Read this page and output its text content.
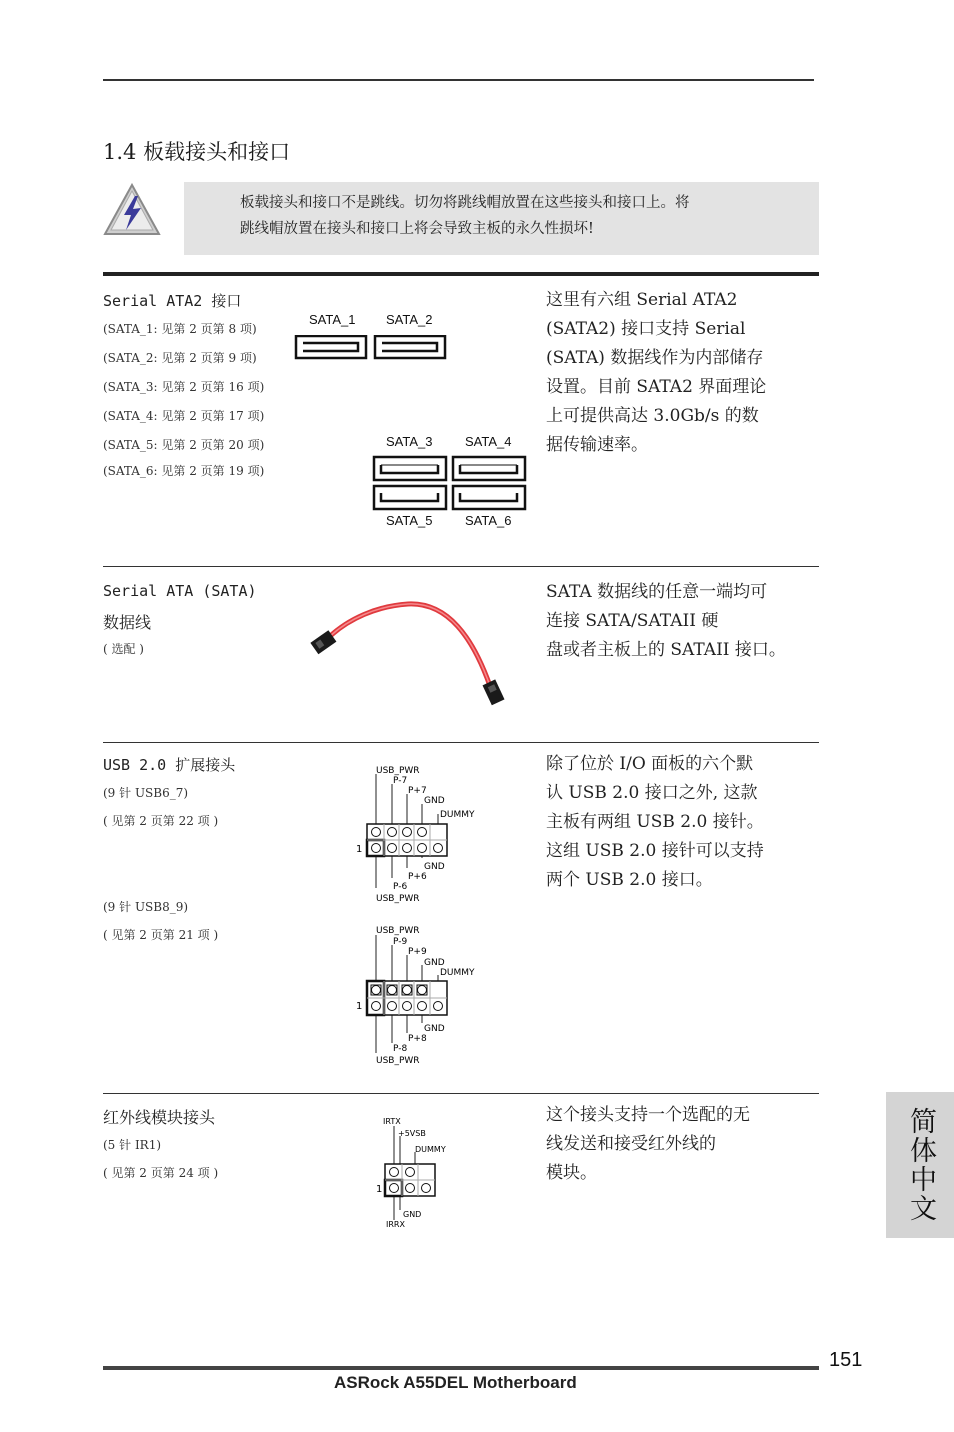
1.4 板载接头和接口

板载接头和接口不是跳线。切勿将跳线帽放置在这些接头和接口上。将

跳线帽放置在接头和接口上将会导致主板的永久性损坏!

Serial ATA2 接口
(SATA_1: 见第 2 页第 8 项)
(SATA_2: 见第 2 页第 9 项)
(SATA_3: 见第 2 页第 16 项)
(SATA_4: 见第 2 页第 17 项)
(SATA_5: 见第 2 页第 20 项)
(SATA_6: 见第 2 页第 19 项)
SATA_1 SATA_2
SATA_3	SATA_4
SATA_5	SATA_6
这里有六组 Serial ATA2
(SATA2) 接口支持 Serial
(SATA) 数据线作为内部储存
设置。目前 SATA2 界面理论
上可提供高达 3.0Gb/s 的数
据传输速率。
Serial ATA (SATA)
数据线
( 选配 )
SATA 数据线的任意一端均可
连接 SATA/SATAII 硬
盘或者主板上的 SATAII 接口。
USB 2.0 扩展接头
(9 针 USB6_7)
( 见第 2 页第 22 项 )
(9 针 USB8_9)
( 见第 2 页第 21 项 )
除了位於 I/O 面板的六个默
认 USB 2.0 接口之外, 这款
主板有两组 USB 2.0 接针。
这组 USB 2.0 接针可以支持
两个 USB 2.0 接口。
USB_PWR
P-7
P+7
GND
DUMMY
1
GND
P+6
P-6
USB_PWR
USB_PWR
P-9
P+9
GND
DUMMY
1
GND
P+8
P-8
USB_PWR
红外线模块接头
(5 针 IR1)
( 见第 2 页第 24 项 )
这个接头支持一个选配的无
线发送和接受红外线的
模块。
IRTX
+5VSB
DUMMY
1
GND
IRRX
简体中文
151
ASRock A55DEL Motherboard
